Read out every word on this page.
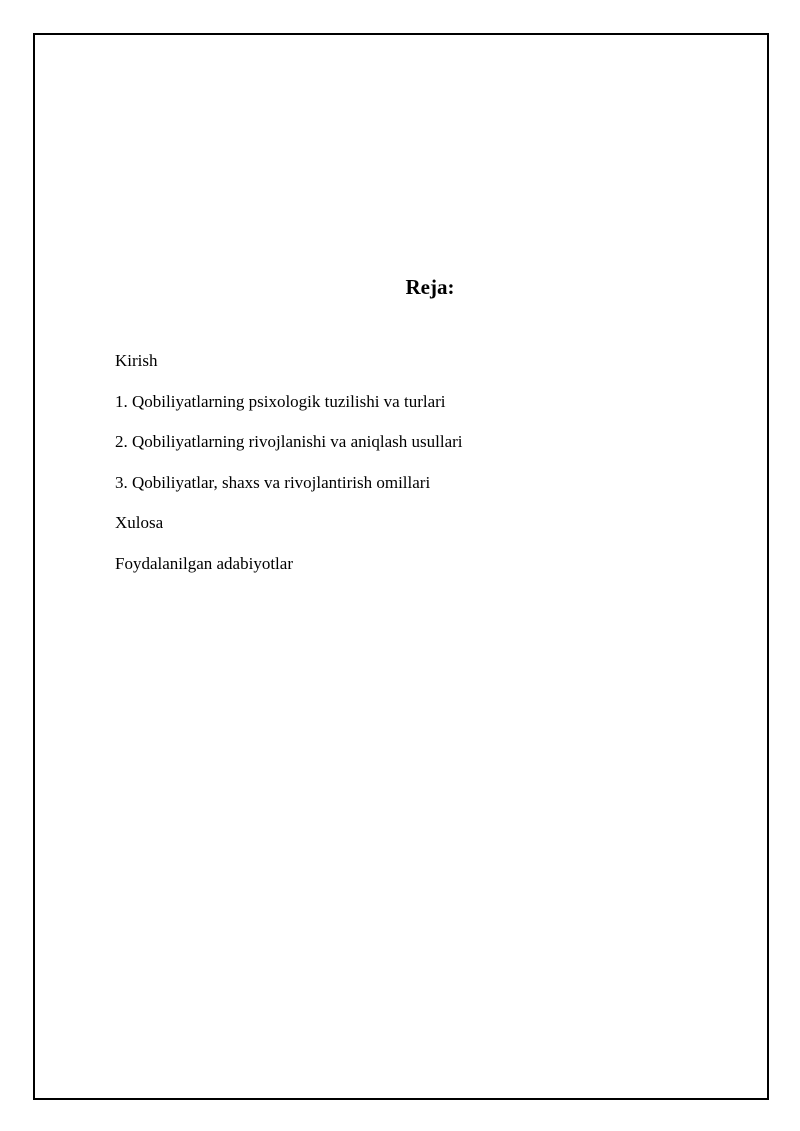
Reja:
Kirish
1. Qobiliyatlarning psixologik tuzilishi va turlari
2. Qobiliyatlarning rivojlanishi va aniqlash usullari
3. Qobiliyatlar, shaxs va rivojlantirish omillari
Xulosa
Foydalanilgan adabiyotlar
